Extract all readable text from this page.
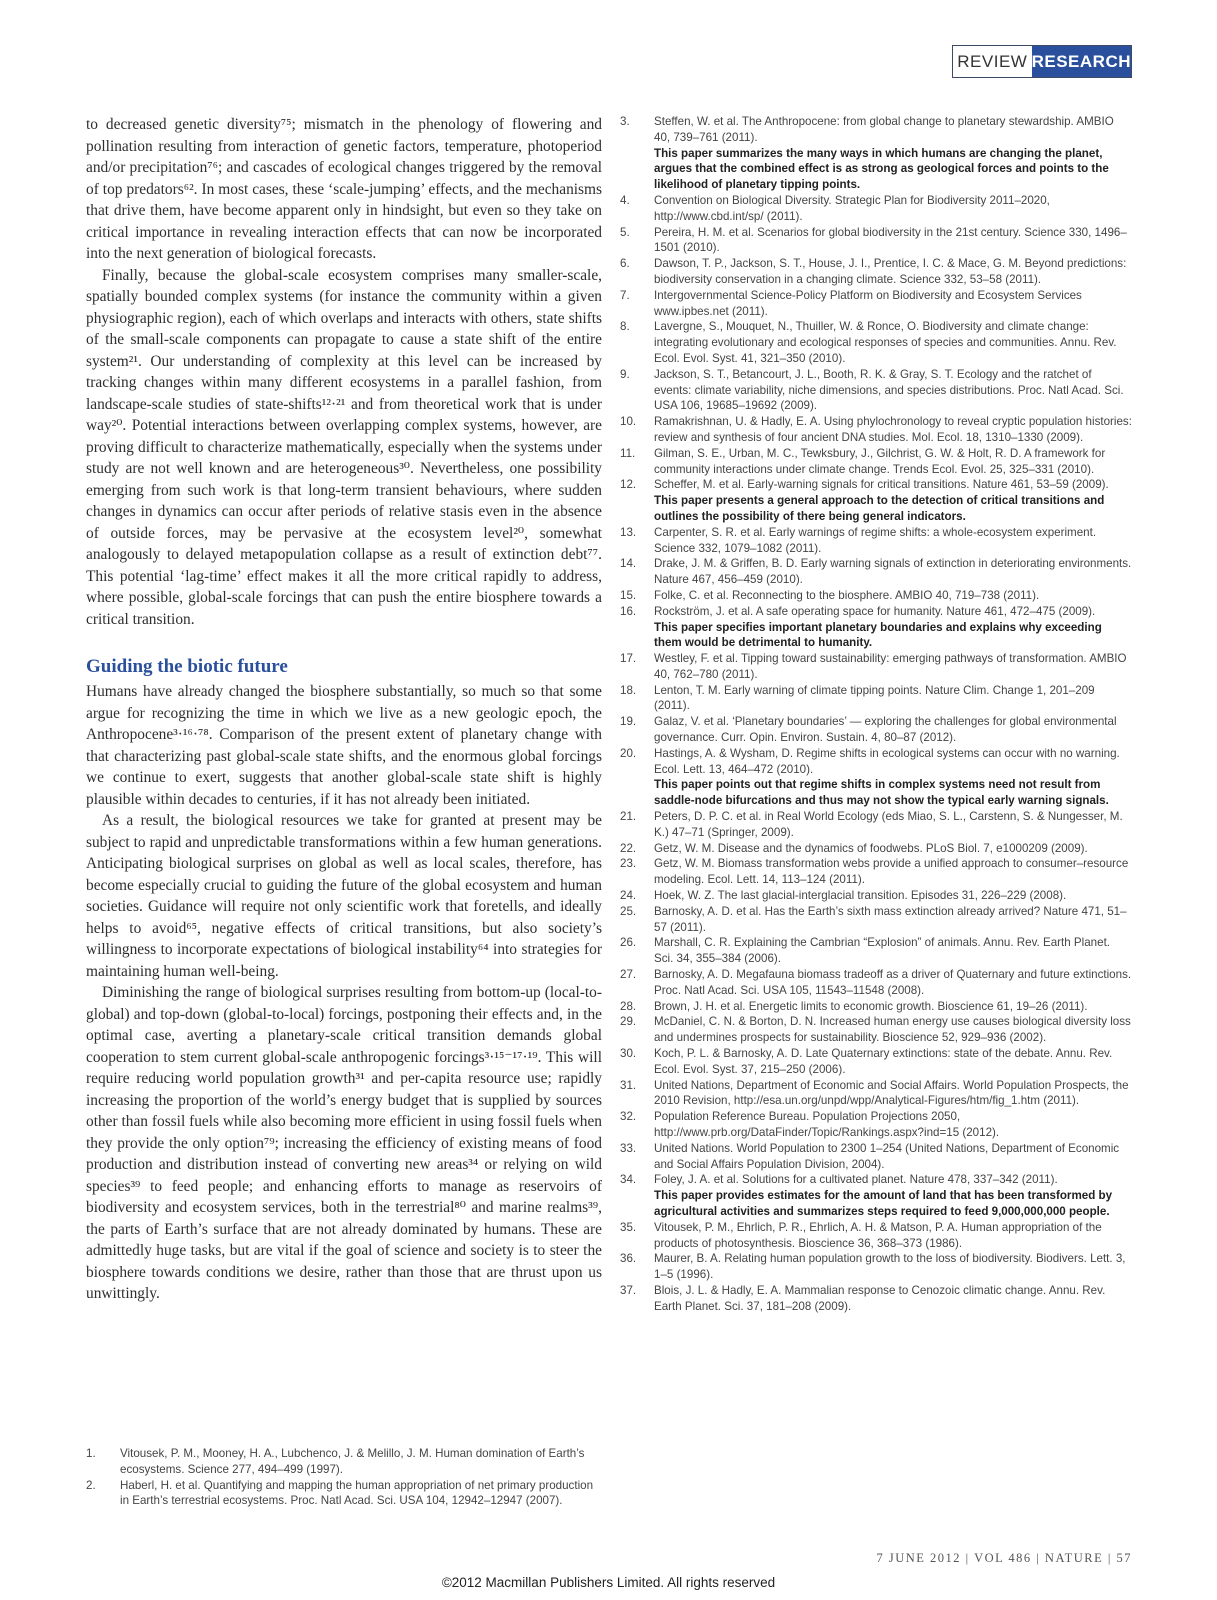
REVIEW RESEARCH

to decreased genetic diversity⁷⁵; mismatch in the phenology of flowering and pollination resulting from interaction of genetic factors, temperature, photoperiod and/or precipitation⁷⁶; and cascades of ecological changes triggered by the removal of top predators⁶². In most cases, these ‘scale-jumping’ effects, and the mechanisms that drive them, have become apparent only in hindsight, but even so they take on critical importance in revealing interaction effects that can now be incorporated into the next generation of biological forecasts.

Finally, because the global-scale ecosystem comprises many smaller-scale, spatially bounded complex systems (for instance the community within a given physiographic region), each of which overlaps and interacts with others, state shifts of the small-scale components can propagate to cause a state shift of the entire system²¹. Our understanding of complexity at this level can be increased by tracking changes within many different ecosystems in a parallel fashion, from landscape-scale studies of state-shifts¹²·²¹ and from theoretical work that is under way²⁰. Potential interactions between overlapping complex systems, however, are proving difficult to characterize mathematically, especially when the systems under study are not well known and are heterogeneous³⁰. Nevertheless, one possibility emerging from such work is that long-term transient behaviours, where sudden changes in dynamics can occur after periods of relative stasis even in the absence of outside forces, may be pervasive at the ecosystem level²⁰, somewhat analogously to delayed metapopulation collapse as a result of extinction debt⁷⁷. This potential ‘lag-time’ effect makes it all the more critical rapidly to address, where possible, global-scale forcings that can push the entire biosphere towards a critical transition.

Guiding the biotic future

Humans have already changed the biosphere substantially, so much so that some argue for recognizing the time in which we live as a new geologic epoch, the Anthropocene³·¹⁶·⁷⁸. Comparison of the present extent of planetary change with that characterizing past global-scale state shifts, and the enormous global forcings we continue to exert, suggests that another global-scale state shift is highly plausible within decades to centuries, if it has not already been initiated.

As a result, the biological resources we take for granted at present may be subject to rapid and unpredictable transformations within a few human generations. Anticipating biological surprises on global as well as local scales, therefore, has become especially crucial to guiding the future of the global ecosystem and human societies. Guidance will require not only scientific work that foretells, and ideally helps to avoid⁶⁵, negative effects of critical transitions, but also society’s willingness to incorporate expectations of biological instability⁶⁴ into strategies for maintaining human well-being.

Diminishing the range of biological surprises resulting from bottom-up (local-to-global) and top-down (global-to-local) forcings, postponing their effects and, in the optimal case, averting a planetary-scale critical transition demands global cooperation to stem current global-scale anthropogenic forcings³·¹⁵⁻¹⁷·¹⁹. This will require reducing world population growth³¹ and per-capita resource use; rapidly increasing the proportion of the world’s energy budget that is supplied by sources other than fossil fuels while also becoming more efficient in using fossil fuels when they provide the only option⁷⁹; increasing the efficiency of existing means of food production and distribution instead of converting new areas³⁴ or relying on wild species³⁹ to feed people; and enhancing efforts to manage as reservoirs of biodiversity and ecosystem services, both in the terrestrial⁸⁰ and marine realms³⁹, the parts of Earth’s surface that are not already dominated by humans. These are admittedly huge tasks, but are vital if the goal of science and society is to steer the biosphere towards conditions we desire, rather than those that are thrust upon us unwittingly.

1.	Vitousek, P. M., Mooney, H. A., Lubchenco, J. & Melillo, J. M. Human domination of Earth’s ecosystems. Science 277, 494–499 (1997).
2.	Haberl, H. et al. Quantifying and mapping the human appropriation of net primary production in Earth’s terrestrial ecosystems. Proc. Natl Acad. Sci. USA 104, 12942–12947 (2007).
3.	Steffen, W. et al. The Anthropocene: from global change to planetary stewardship. AMBIO 40, 739–761 (2011).
This paper summarizes the many ways in which humans are changing the planet, argues that the combined effect is as strong as geological forces and points to the likelihood of planetary tipping points.
4.	Convention on Biological Diversity. Strategic Plan for Biodiversity 2011–2020, http://www.cbd.int/sp/ (2011).
5.	Pereira, H. M. et al. Scenarios for global biodiversity in the 21st century. Science 330, 1496–1501 (2010).
6.	Dawson, T. P., Jackson, S. T., House, J. I., Prentice, I. C. & Mace, G. M. Beyond predictions: biodiversity conservation in a changing climate. Science 332, 53–58 (2011).
7.	Intergovernmental Science-Policy Platform on Biodiversity and Ecosystem Services www.ipbes.net (2011).
8.	Lavergne, S., Mouquet, N., Thuiller, W. & Ronce, O. Biodiversity and climate change: integrating evolutionary and ecological responses of species and communities. Annu. Rev. Ecol. Evol. Syst. 41, 321–350 (2010).
9.	Jackson, S. T., Betancourt, J. L., Booth, R. K. & Gray, S. T. Ecology and the ratchet of events: climate variability, niche dimensions, and species distributions. Proc. Natl Acad. Sci. USA 106, 19685–19692 (2009).
10.	Ramakrishnan, U. & Hadly, E. A. Using phylochronology to reveal cryptic population histories: review and synthesis of four ancient DNA studies. Mol. Ecol. 18, 1310–1330 (2009).
11.	Gilman, S. E., Urban, M. C., Tewksbury, J., Gilchrist, G. W. & Holt, R. D. A framework for community interactions under climate change. Trends Ecol. Evol. 25, 325–331 (2010).
12.	Scheffer, M. et al. Early-warning signals for critical transitions. Nature 461, 53–59 (2009).
This paper presents a general approach to the detection of critical transitions and outlines the possibility of there being general indicators.
13.	Carpenter, S. R. et al. Early warnings of regime shifts: a whole-ecosystem experiment. Science 332, 1079–1082 (2011).
14.	Drake, J. M. & Griffen, B. D. Early warning signals of extinction in deteriorating environments. Nature 467, 456–459 (2010).
15.	Folke, C. et al. Reconnecting to the biosphere. AMBIO 40, 719–738 (2011).
16.	Rockström, J. et al. A safe operating space for humanity. Nature 461, 472–475 (2009).
This paper specifies important planetary boundaries and explains why exceeding them would be detrimental to humanity.
17.	Westley, F. et al. Tipping toward sustainability: emerging pathways of transformation. AMBIO 40, 762–780 (2011).
18.	Lenton, T. M. Early warning of climate tipping points. Nature Clim. Change 1, 201–209 (2011).
19.	Galaz, V. et al. ‘Planetary boundaries’ — exploring the challenges for global environmental governance. Curr. Opin. Environ. Sustain. 4, 80–87 (2012).
20.	Hastings, A. & Wysham, D. Regime shifts in ecological systems can occur with no warning. Ecol. Lett. 13, 464–472 (2010).
This paper points out that regime shifts in complex systems need not result from saddle-node bifurcations and thus may not show the typical early warning signals.
21.	Peters, D. P. C. et al. in Real World Ecology (eds Miao, S. L., Carstenn, S. & Nungesser, M. K.) 47–71 (Springer, 2009).
22.	Getz, W. M. Disease and the dynamics of foodwebs. PLoS Biol. 7, e1000209 (2009).
23.	Getz, W. M. Biomass transformation webs provide a unified approach to consumer–resource modeling. Ecol. Lett. 14, 113–124 (2011).
24.	Hoek, W. Z. The last glacial-interglacial transition. Episodes 31, 226–229 (2008).
25.	Barnosky, A. D. et al. Has the Earth’s sixth mass extinction already arrived? Nature 471, 51–57 (2011).
26.	Marshall, C. R. Explaining the Cambrian “Explosion” of animals. Annu. Rev. Earth Planet. Sci. 34, 355–384 (2006).
27.	Barnosky, A. D. Megafauna biomass tradeoff as a driver of Quaternary and future extinctions. Proc. Natl Acad. Sci. USA 105, 11543–11548 (2008).
28.	Brown, J. H. et al. Energetic limits to economic growth. Bioscience 61, 19–26 (2011).
29.	McDaniel, C. N. & Borton, D. N. Increased human energy use causes biological diversity loss and undermines prospects for sustainability. Bioscience 52, 929–936 (2002).
30.	Koch, P. L. & Barnosky, A. D. Late Quaternary extinctions: state of the debate. Annu. Rev. Ecol. Evol. Syst. 37, 215–250 (2006).
31.	United Nations, Department of Economic and Social Affairs. World Population Prospects, the 2010 Revision, http://esa.un.org/unpd/wpp/Analytical-Figures/htm/fig_1.htm (2011).
32.	Population Reference Bureau. Population Projections 2050, http://www.prb.org/DataFinder/Topic/Rankings.aspx?ind=15 (2012).
33.	United Nations. World Population to 2300 1–254 (United Nations, Department of Economic and Social Affairs Population Division, 2004).
34.	Foley, J. A. et al. Solutions for a cultivated planet. Nature 478, 337–342 (2011).
This paper provides estimates for the amount of land that has been transformed by agricultural activities and summarizes steps required to feed 9,000,000,000 people.
35.	Vitousek, P. M., Ehrlich, P. R., Ehrlich, A. H. & Matson, P. A. Human appropriation of the products of photosynthesis. Bioscience 36, 368–373 (1986).
36.	Maurer, B. A. Relating human population growth to the loss of biodiversity. Biodivers. Lett. 3, 1–5 (1996).
37.	Blois, J. L. & Hadly, E. A. Mammalian response to Cenozoic climatic change. Annu. Rev. Earth Planet. Sci. 37, 181–208 (2009).
7 JUNE 2012 | VOL 486 | NATURE | 57
©2012 Macmillan Publishers Limited. All rights reserved
